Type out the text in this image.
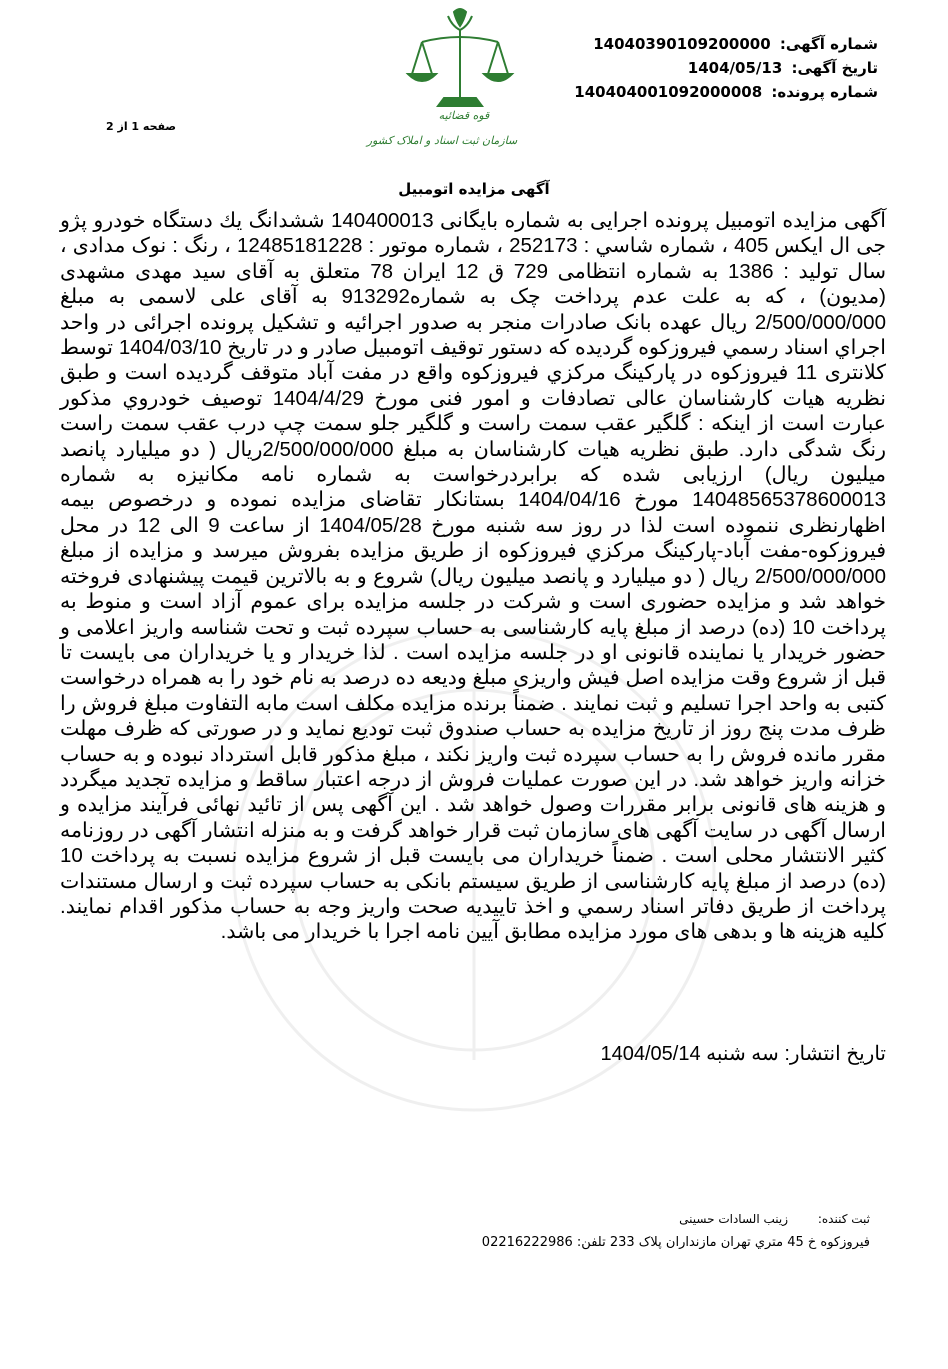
قوه قضائیه
سازمان ثبت اسناد و املاک کشور
شماره آگهی: 14040390109200000
تاریخ آگهی: 1404/05/13
شماره پرونده: 140404001092000008
صفحه 1 از 2
آگهی مزایده اتومبیل
آگهی مزایده اتومبیل پرونده اجرایی به شماره بایگانی 140400013 ششدانگ یك دستگاه خودرو پژو جی ال ایکس 405 ، شماره شاسي : 252173 ، شماره موتور : 12485181228 ، رنگ : نوک مدادی ، سال تولید : 1386 به شماره انتظامی 729 ق 12 ایران 78 متعلق به آقای سید مهدی مشهدی (مدیون) ، كه به علت عدم پرداخت چک به شماره913292 به آقای علی لاسمی به مبلغ 2/500/000/000 ريال عهده بانک صادرات منجر به صدور اجرائیه و تشکیل پرونده اجرائی در واحد اجراي اسناد رسمي فیروزکوه گردیده كه دستور توقيف اتومبيل صادر و در تاریخ 1404/03/10 توسط کلانتری 11 فیروزکوه در پارکینگ مرکزي فیروزکوه واقع در مفت آباد متوقف گردیده است و طبق نظریه هیات کارشناسان عالی تصادفات و امور فنی مورخ 1404/4/29 توصیف خودروي مذکور عبارت است از اینکه : گلگیر عقب سمت راست و گلگیر جلو سمت چپ درب عقب سمت راست رنگ شدگی دارد. طبق نظریه هیات کارشناسان به مبلغ 2/500/000/000ريال ( دو ميليارد پانصد ميليون ريال) ارزيابی شده که برابردرخواست به شماره نامه مکانیزه به شماره 14048565378600013 مورخ 1404/04/16 بستانکار تقاضای مزایده نموده و درخصوص بیمه اظهارنظری ننموده است لذا در روز سه شنبه مورخ 1404/05/28 از ساعت 9 الی 12 در محل فیروزکوه-مفت آباد-پارکینگ مرکزي فیروزکوه از طریق مزایده بفروش میرسد و مزایده از مبلغ 2/500/000/000 ريال ( دو ميليارد و پانصد ميليون ريال) شروع و به بالاترین قیمت پیشنهادی فروخته خواهد شد و مزایده حضوری است و شرکت در جلسه مزایده برای عموم آزاد است و منوط به پرداخت 10 (ده) درصد از مبلغ پایه کارشناسی به حساب سپرده ثبت و تحت شناسه واریز اعلامی و حضور خریدار یا نماینده قانونی او در جلسه مزایده است . لذا خریدار و یا خریداران می بایست تا قبل از شروع وقت مزایده اصل فیش واریزی مبلغ ودیعه ده درصد به نام خود را به همراه درخواست کتبی به واحد اجرا تسلیم و ثبت نمایند . ضمناً برنده مزایده مکلف است مابه التفاوت مبلغ فروش را ظرف مدت پنج روز از تاریخ مزایده به حساب صندوق ثبت تودیع نماید و در صورتی که ظرف مهلت مقرر مانده فروش را به حساب سپرده ثبت واریز نکند ، مبلغ مذکور قابل استرداد نبوده و به حساب خزانه واریز خواهد شد. در این صورت عملیات فروش از درجه اعتبار ساقط و مزایده تجدید میگردد و هزینه های قانونی برابر مقررات وصول خواهد شد . این آگهی پس از تائید نهائی فرآیند مزایده و ارسال آگهی در سایت آگهی های سازمان ثبت قرار خواهد گرفت و به منزله انتشار آگهی در روزنامه کثیر الانتشار محلی است . ضمناً خریداران می بایست قبل از شروع مزایده نسبت به پرداخت 10 (ده) درصد از مبلغ پایه کارشناسی از طریق سیستم بانکی به حساب سپرده ثبت و ارسال مستندات پرداخت از طریق دفاتر اسناد رسمي و اخذ تاییدیه صحت واریز وجه به حساب مذکور اقدام نمایند. کلیه هزینه ها و بدهی های مورد مزایده مطابق آیین نامه اجرا با خریدار می باشد.
تاریخ انتشار: سه شنبه 1404/05/14
ثبت کننده: زینب السادات حسینی
فیروزکوه خ 45 متري تهران مازنداران پلاک 233 تلفن: 02216222986
